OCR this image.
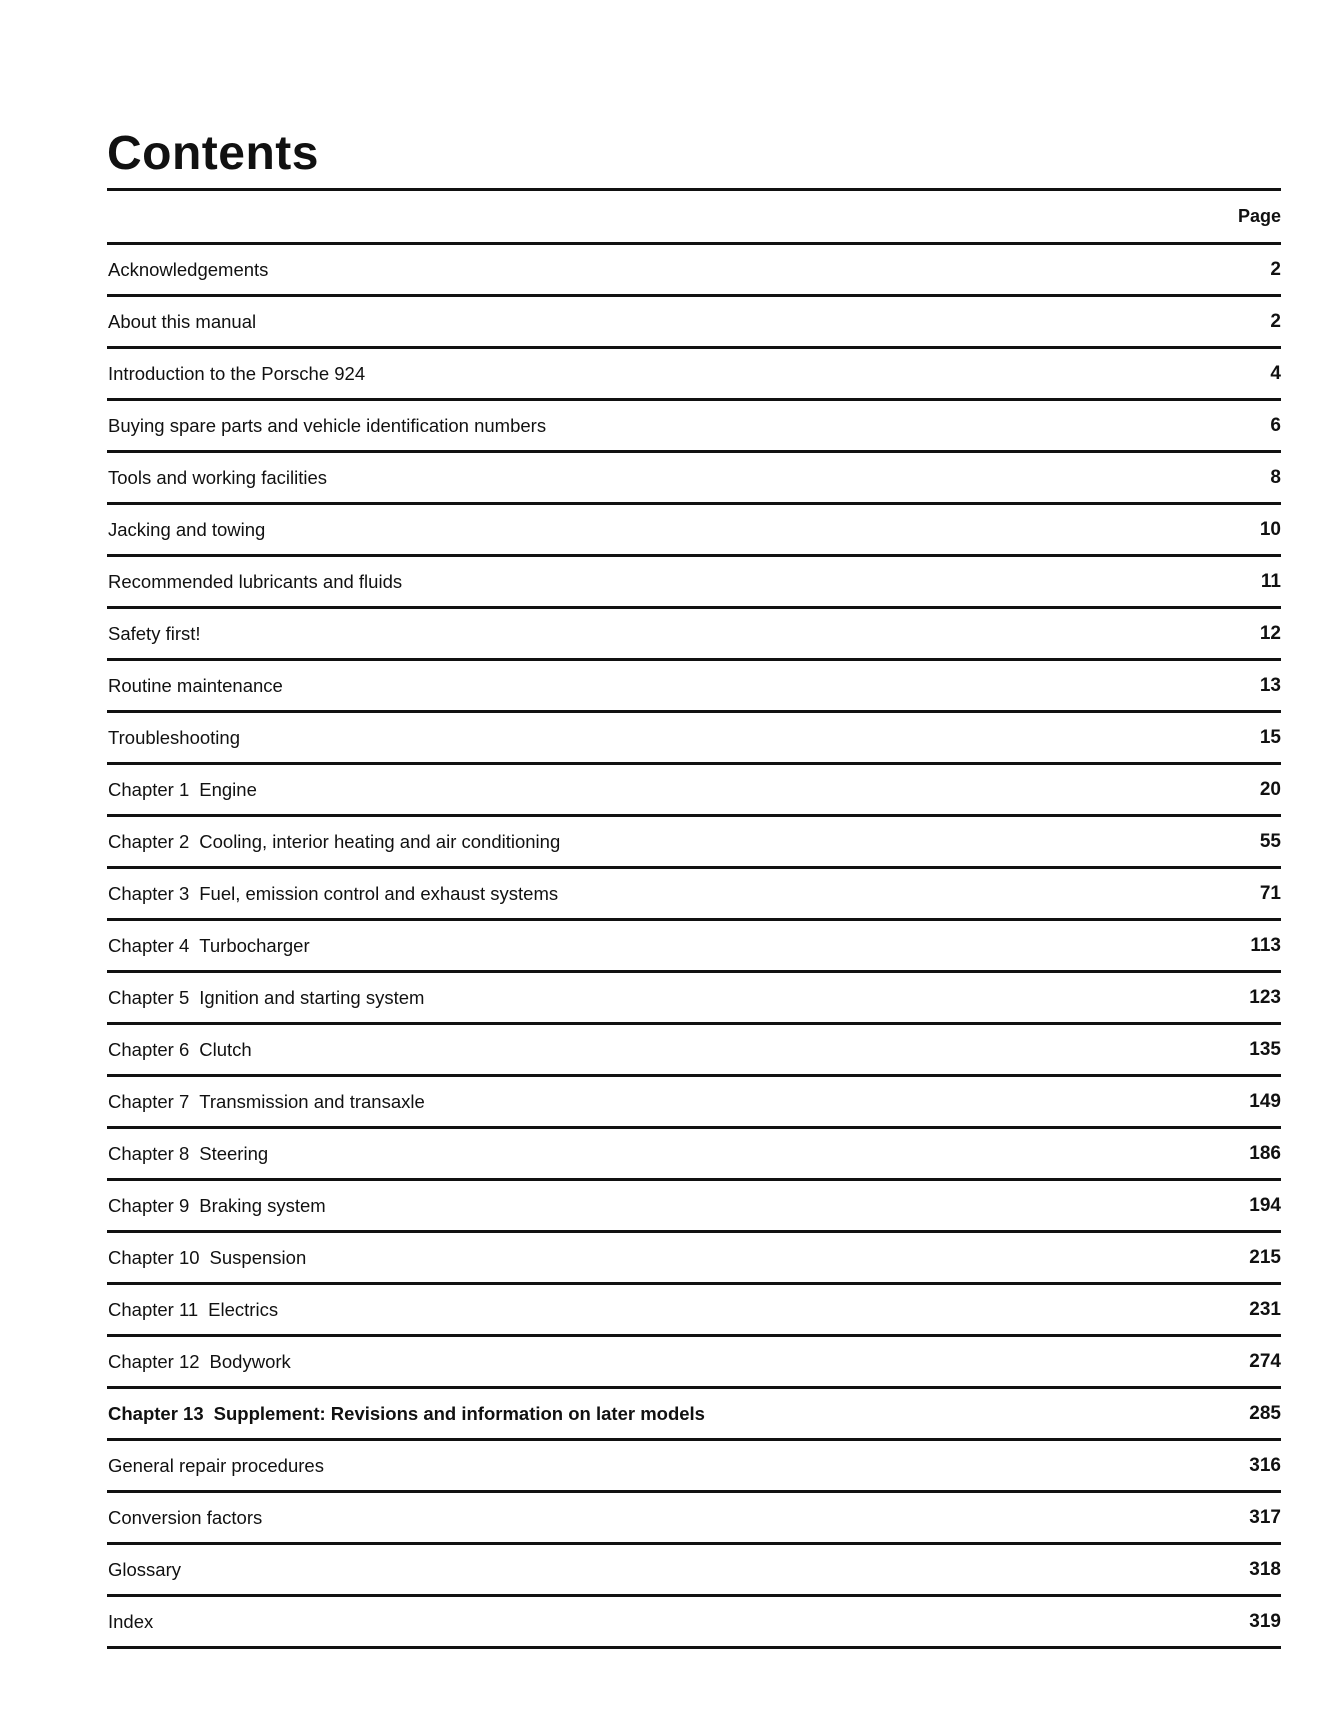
Contents
Page
Acknowledgements	2
About this manual	2
Introduction to the Porsche 924	4
Buying spare parts and vehicle identification numbers	6
Tools and working facilities	8
Jacking and towing	10
Recommended lubricants and fluids	11
Safety first!	12
Routine maintenance	13
Troubleshooting	15
Chapter 1 Engine	20
Chapter 2 Cooling, interior heating and air conditioning	55
Chapter 3 Fuel, emission control and exhaust systems	71
Chapter 4 Turbocharger	113
Chapter 5 Ignition and starting system	123
Chapter 6 Clutch	135
Chapter 7 Transmission and transaxle	149
Chapter 8 Steering	186
Chapter 9 Braking system	194
Chapter 10 Suspension	215
Chapter 11 Electrics	231
Chapter 12 Bodywork	274
Chapter 13 Supplement: Revisions and information on later models	285
General repair procedures	316
Conversion factors	317
Glossary	318
Index	319
